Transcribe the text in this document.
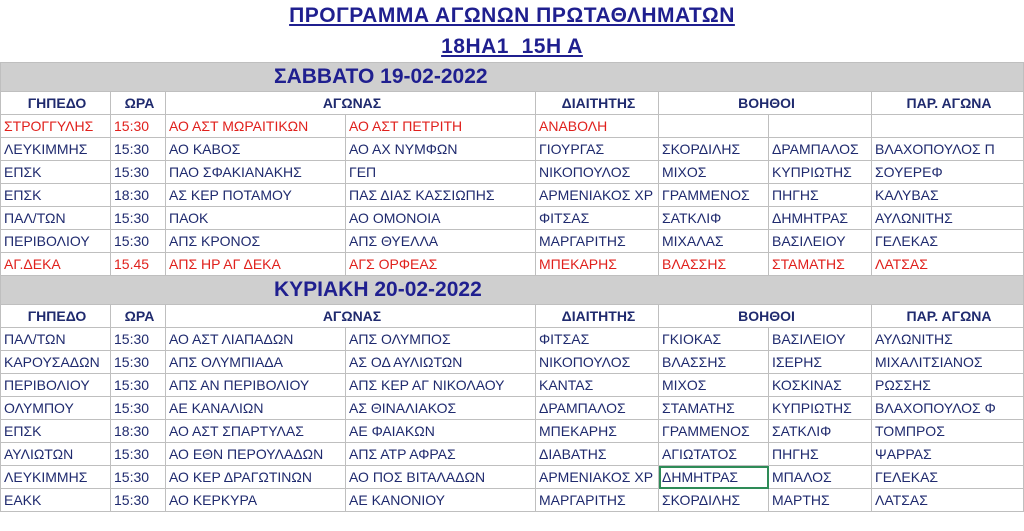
ΠΡΟΓΡΑΜΜΑ ΑΓΩΝΩΝ ΠΡΩΤΑΘΛΗΜΑΤΩΝ
18ΗΑ1  15Η Α
ΣΑΒΒΑΤΟ 19-02-2022							
ΓΗΠΕΔΟ	ΩΡΑ	ΑΓΩΝΑΣ		ΔΙΑΙΤΗΤΗΣ	ΒΟΗΘΟΙ		ΠΑΡ. ΑΓΩΝΑ
ΣΤΡΟΓΓΥΛΗΣ	15:30	ΑΟ ΑΣΤ ΜΩΡΑΙΤΙΚΩΝ	ΑΟ ΑΣΤ ΠΕΤΡΙΤΗ	ΑΝΑΒΟΛΗ			
ΛΕΥΚΙΜΜΗΣ	15:30	ΑΟ ΚΑΒΟΣ	ΑΟ ΑΧ ΝΥΜΦΩΝ	ΓΙΟΥΡΓΑΣ	ΣΚΟΡΔΙΛΗΣ	ΔΡΑΜΠΑΛΟΣ	ΒΛΑΧΟΠΟΥΛΟΣ Π
ΕΠΣΚ	15:30	ΠΑΟ ΣΦΑΚΙΑΝΑΚΗΣ	ΓΕΠ	ΝΙΚΟΠΟΥΛΟΣ	ΜΙΧΟΣ	ΚΥΠΡΙΩΤΗΣ	ΣΟΥΕΡΕΦ
ΕΠΣΚ	18:30	ΑΣ ΚΕΡ ΠΟΤΑΜΟΥ	ΠΑΣ ΔΙΑΣ ΚΑΣΣΙΩΠΗΣ	ΑΡΜΕΝΙΑΚΟΣ ΧΡ	ΓΡΑΜΜΕΝΟΣ	ΠΗΓΗΣ	ΚΑΛΥΒΑΣ
ΠΑΛ/ΤΩΝ	15:30	ΠΑΟΚ	ΑΟ ΟΜΟΝΟΙΑ	ΦΙΤΣΑΣ	ΣΑΤΚΛΙΦ	ΔΗΜΗΤΡΑΣ	ΑΥΛΩΝΙΤΗΣ
ΠΕΡΙΒΟΛΙΟΥ	15:30	ΑΠΣ ΚΡΟΝΟΣ	ΑΠΣ ΘΥΕΛΛΑ	ΜΑΡΓΑΡΙΤΗΣ	ΜΙΧΑΛΑΣ	ΒΑΣΙΛΕΙΟΥ	ΓΕΛΕΚΑΣ
ΑΓ.ΔΕΚΑ	15.45	ΑΠΣ ΗΡ ΑΓ ΔΕΚΑ	ΑΓΣ ΟΡΦΕΑΣ	ΜΠΕΚΑΡΗΣ	ΒΛΑΣΣΗΣ	ΣΤΑΜΑΤΗΣ	ΛΑΤΣΑΣ
ΚΥΡΙΑΚΗ 20-02-2022							
ΓΗΠΕΔΟ	ΩΡΑ	ΑΓΩΝΑΣ		ΔΙΑΙΤΗΤΗΣ	ΒΟΗΘΟΙ		ΠΑΡ. ΑΓΩΝΑ
ΠΑΛ/ΤΩΝ	15:30	ΑΟ ΑΣΤ ΛΙΑΠΑΔΩΝ	ΑΠΣ ΟΛΥΜΠΟΣ	ΦΙΤΣΑΣ	ΓΚΙΟΚΑΣ	ΒΑΣΙΛΕΙΟΥ	ΑΥΛΩΝΙΤΗΣ
ΚΑΡΟΥΣΑΔΩΝ	15:30	ΑΠΣ ΟΛΥΜΠΙΑΔΑ	ΑΣ ΟΔ ΑΥΛΙΩΤΩΝ	ΝΙΚΟΠΟΥΛΟΣ	ΒΛΑΣΣΗΣ	ΙΣΕΡΗΣ	ΜΙΧΑΛΙΤΣΙΑΝΟΣ
ΠΕΡΙΒΟΛΙΟΥ	15:30	ΑΠΣ ΑΝ ΠΕΡΙΒΟΛΙΟΥ	ΑΠΣ ΚΕΡ ΑΓ ΝΙΚΟΛΑΟΥ	ΚΑΝΤΑΣ	ΜΙΧΟΣ	ΚΟΣΚΙΝΑΣ	ΡΩΣΣΗΣ
ΟΛΥΜΠΟΥ	15:30	ΑΕ ΚΑΝΑΛΙΩΝ	ΑΣ ΘΙΝΑΛΙΑΚΟΣ	ΔΡΑΜΠΑΛΟΣ	ΣΤΑΜΑΤΗΣ	ΚΥΠΡΙΩΤΗΣ	ΒΛΑΧΟΠΟΥΛΟΣ Φ
ΕΠΣΚ	18:30	ΑΟ ΑΣΤ ΣΠΑΡΤΥΛΑΣ	ΑΕ ΦΑΙΑΚΩΝ	ΜΠΕΚΑΡΗΣ	ΓΡΑΜΜΕΝΟΣ	ΣΑΤΚΛΙΦ	ΤΟΜΠΡΟΣ
ΑΥΛΙΩΤΩΝ	15:30	ΑΟ ΕΘΝ ΠΕΡΟΥΛΑΔΩΝ	ΑΠΣ ΑΤΡ ΑΦΡΑΣ	ΔΙΑΒΑΤΗΣ	ΑΓΙΩΤΑΤΟΣ	ΠΗΓΗΣ	ΨΑΡΡΑΣ
ΛΕΥΚΙΜΜΗΣ	15:30	ΑΟ ΚΕΡ ΔΡΑΓΩΤΙΝΩΝ	ΑΟ ΠΟΣ ΒΙΤΑΛΑΔΩΝ	ΑΡΜΕΝΙΑΚΟΣ ΧΡ	ΔΗΜΗΤΡΑΣ	ΜΠΑΛΟΣ	ΓΕΛΕΚΑΣ
ΕΑΚΚ	15:30	ΑΟ ΚΕΡΚΥΡΑ	ΑΕ ΚΑΝΟΝΙΟΥ	ΜΑΡΓΑΡΙΤΗΣ	ΣΚΟΡΔΙΛΗΣ	ΜΑΡΤΗΣ	ΛΑΤΣΑΣ
